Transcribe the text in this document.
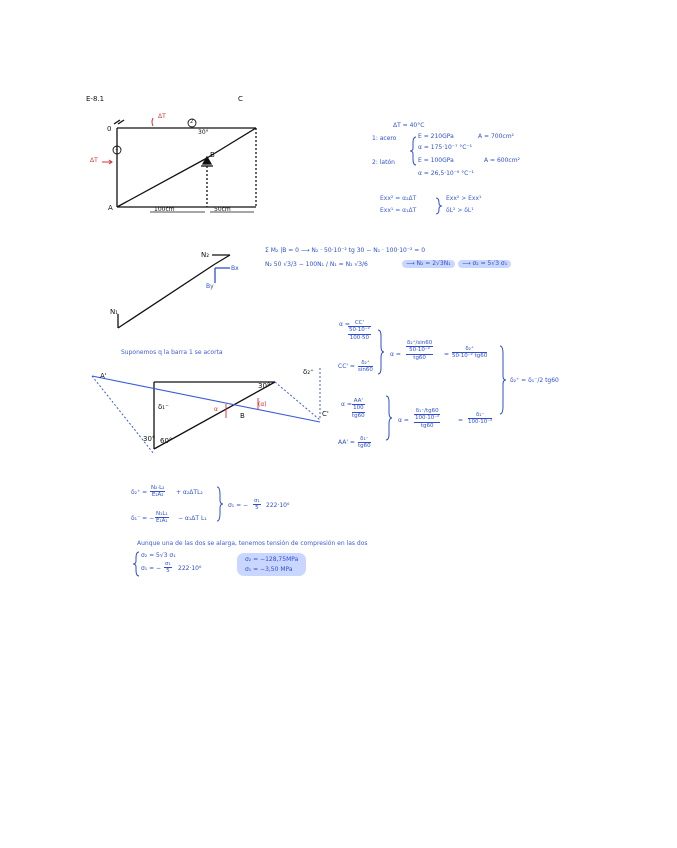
E-8.1	C
0
ΔT
ΔT
1
2
30°
B
A	100cm	50cm
ΔT = 40°C
1: acero	E = 210GPa	A = 700cm²
α = 175·10⁻⁷ °C⁻¹
2: latón	E = 100GPa	A = 600cm²
α = 26,5·10⁻⁶ °C⁻¹
Exx² = α₂ΔT
Exx¹ = α₁ΔT
Exx² > Exx¹
δL² > δL¹
N₂
N₁
Bx
By
Σ M₂ |B = 0 ⟶ N₂ · 50·10⁻² tg 30 − N₁ · 100·10⁻² = 0
N₂ 50 √3/3 − 100N₁ / N₁ = N₂ √3/6	⟶ N₂ = 2√3N₁	⟶ σ₂ = 5√3 σ₁
Suponemos q la barra 1 se acorta
A'
C'
δ₁⁻
δ₂⁺
α
(α)
B
30°
60°
30°
α = CC'
50·10⁻²
100·50
$CC' = \frac{\text{δ₂⁺}}{\sin 60}$
α =
δ₂⁺/sin60
50·10⁻²
tg60	= $\frac{\text{δ₂⁺}}{\text{50·10⁻² tg60}}$
α = AA'
100
tg60
$AA' = \frac{\text{δ₁⁻}}{tg60}$
α =
δ₁⁻/tg60
100·10⁻²
tg60
= $\frac{\text{δ₁⁻}}{\text{100·10⁻²}}$
δ₂⁺ = δ₁⁻/2 tg60
$\delta_2^+ = \frac{\text{N₂·L₂}}{\text{E₂A₂}} + \alpha_2\Delta TL_2$
δ₁⁻ = − $\frac{\text{N₁L₁}}{\text{E₁A₁}} - \alpha_1\Delta T$ L₁
σ₁ = − $\frac{\text{σ₁}}{5} 222\cdot 10^6$
Aunque una de las dos se alarga, tenemos tensión de compresión en las dos
σ₂ = 5√3 σ₁
σ₁ = − $\frac{\text{σ₁}}{5} 222\cdot 10^6$
σ₂ = −128,75MPa
σ₁ = −3,50 MPa
